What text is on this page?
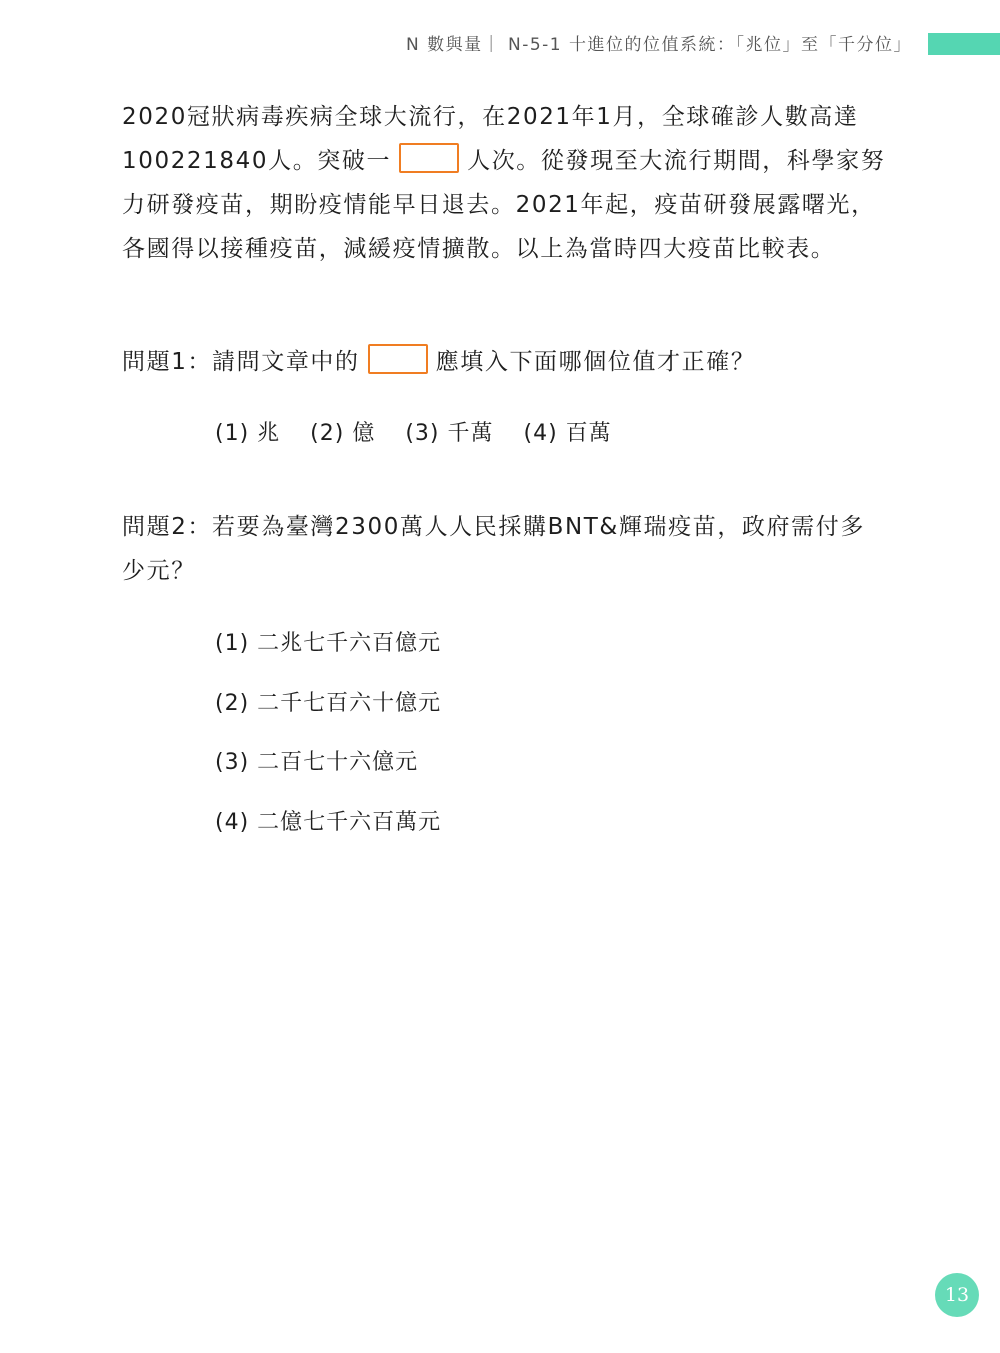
N 數與量｜ N-5-1 十進位的位值系統：「兆位」至「千分位」
2020冠狀病毒疾病全球大流行，在2021年1月，全球確診人數高達
100221840人。突破一	人次。從發現至大流行期間，科學家努
力研發疫苗，期盼疫情能早日退去。2021年起，疫苗研發展露曙光，
各國得以接種疫苗，減緩疫情擴散。以上為當時四大疫苗比較表。
問題1：請問文章中的	應填入下面哪個位值才正確？
(1) 兆 (2) 億 (3) 千萬 (4) 百萬
問題2：若要為臺灣2300萬人人民採購BNT&輝瑞疫苗，政府需付多
少元？
(1) 二兆七千六百億元
(2) 二千七百六十億元
(3) 二百七十六億元
(4) 二億七千六百萬元
13
